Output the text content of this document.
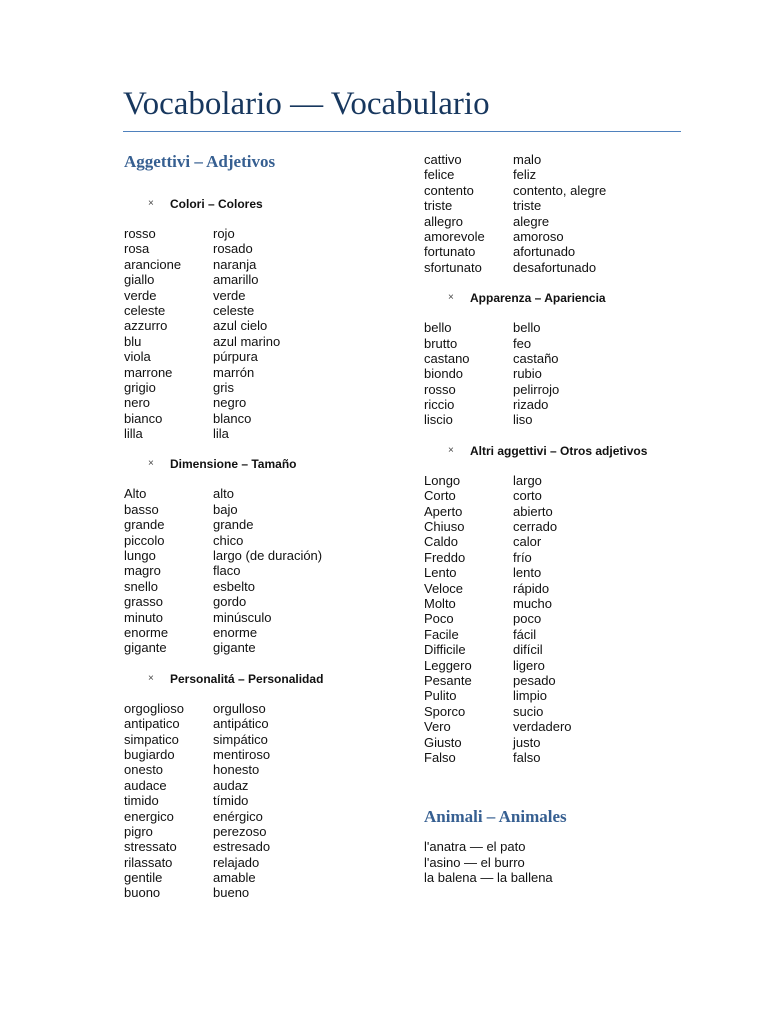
Vocabolario — Vocabulario
Aggettivi – Adjetivos
× Colori – Colores
rosso	rojo
rosa	rosado
arancione	naranja
giallo	amarillo
verde	verde
celeste	celeste
azzurro	azul cielo
blu	azul marino
viola	púrpura
marrone	marrón
grigio	gris
nero	negro
bianco	blanco
lilla	lila
× Dimensione – Tamaño
Alto	alto
basso	bajo
grande	grande
piccolo	chico
lungo	largo (de duración)
magro	flaco
snello	esbelto
grasso	gordo
minuto	minúsculo
enorme	enorme
gigante	gigante
× Personalitá – Personalidad
orgoglioso	orgulloso
antipatico	antipático
simpatico	simpático
bugiardo	mentiroso
onesto	honesto
audace	audaz
timido	tímido
energico	enérgico
pigro	perezoso
stressato	estresado
rilassato	relajado
gentile	amable
buono	bueno
cattivo	malo
felice	feliz
contento	contento, alegre
triste	triste
allegro	alegre
amorevole	amoroso
fortunato	afortunado
sfortunato	desafortunado
× Apparenza – Apariencia
bello	bello
brutto	feo
castano	castaño
biondo	rubio
rosso	pelirrojo
riccio	rizado
liscio	liso
× Altri aggettivi – Otros adjetivos
Longo	largo
Corto	corto
Aperto	abierto
Chiuso	cerrado
Caldo	calor
Freddo	frío
Lento	lento
Veloce	rápido
Molto	mucho
Poco	poco
Facile	fácil
Difficile	difícil
Leggero	ligero
Pesante	pesado
Pulito	limpio
Sporco	sucio
Vero	verdadero
Giusto	justo
Falso	falso
Animali – Animales
l'anatra — el pato
l'asino — el burro
la balena — la ballena
